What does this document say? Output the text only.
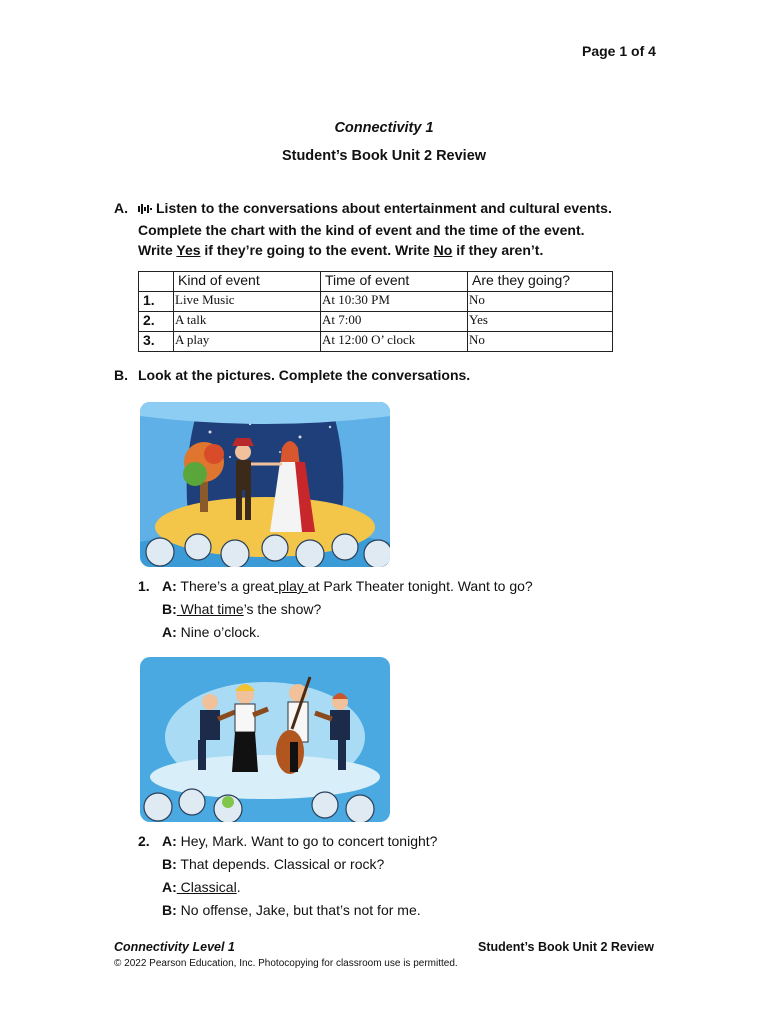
Page 1 of 4
Connectivity 1
Student’s Book Unit 2 Review
A.	Listen to the conversations about entertainment and cultural events.
Complete the chart with the kind of event and the time of the event.
Write Yes if they’re going to the event. Write No if they aren’t.
	Kind of event	Time of event	Are they going?
1.	Live Music	At 10:30 PM	No
2.	A talk	At 7:00	Yes
3.	A play	At 12:00 O’ clock	No
B. Look at the pictures. Complete the conversations.
1. A: There’s a great play at Park Theater tonight. Want to go?
B: What time’s the show?
A: Nine o’clock.
2. A: Hey, Mark. Want to go to concert tonight?
B: That depends. Classical or rock?
A: Classical.
B: No offense, Jake, but that’s not for me.
Connectivity Level 1	Student’s Book Unit 2 Review
© 2022 Pearson Education, Inc. Photocopying for classroom use is permitted.
